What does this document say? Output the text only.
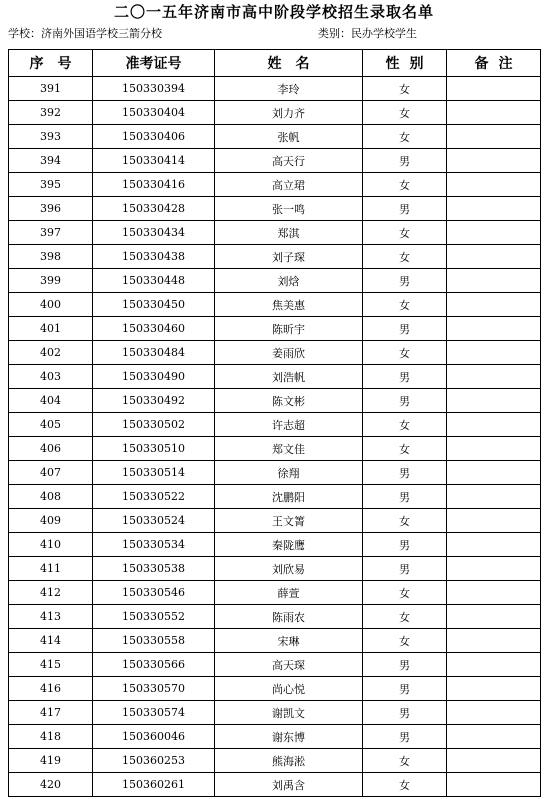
二〇一五年济南市高中阶段学校招生录取名单
学校：济南外国语学校三箭分校	类别：民办学校学生
序号	准考证号	姓名	性别	备注
391	150330394	李玲	女	
392	150330404	刘力齐	女	
393	150330406	张帆	女	
394	150330414	高天行	男	
395	150330416	高立珺	女	
396	150330428	张一鸣	男	
397	150330434	郑淇	女	
398	150330438	刘子琛	女	
399	150330448	刘焓	男	
400	150330450	焦美惠	女	
401	150330460	陈昕宇	男	
402	150330484	姜雨欣	女	
403	150330490	刘浩帆	男	
404	150330492	陈文彬	男	
405	150330502	许志超	女	
406	150330510	郑文佳	女	
407	150330514	徐翔	男	
408	150330522	沈鹏阳	男	
409	150330524	王文箐	女	
410	150330534	秦陇鹰	男	
411	150330538	刘欣易	男	
412	150330546	薛萱	女	
413	150330552	陈雨农	女	
414	150330558	宋琳	女	
415	150330566	高天琛	男	
416	150330570	尚心悦	男	
417	150330574	谢凯文	男	
418	150360046	谢东博	男	
419	150360253	熊海淞	女	
420	150360261	刘禹含	女	
